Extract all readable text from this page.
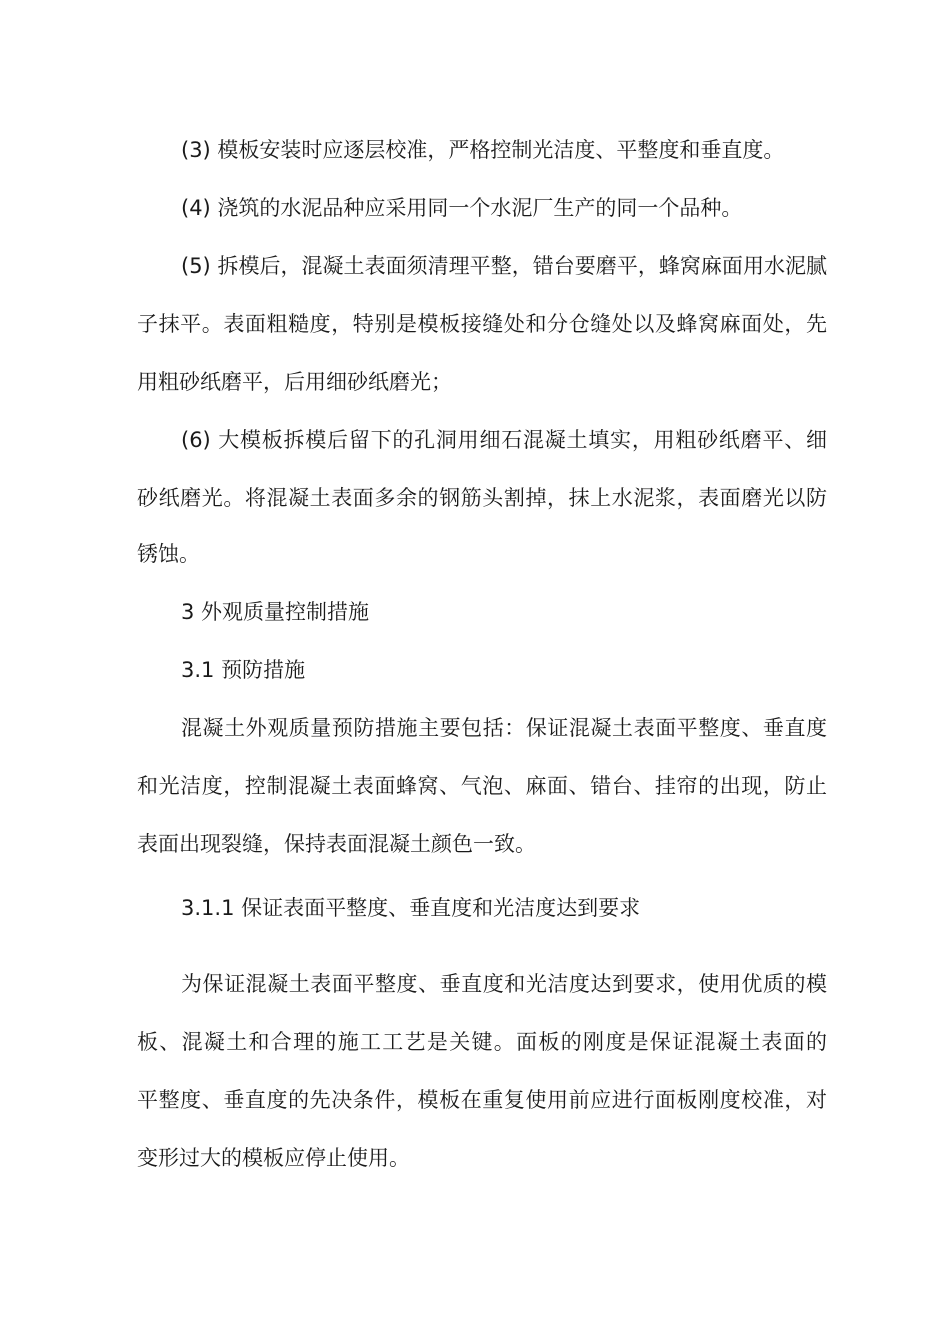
(3) 模板安装时应逐层校准，严格控制光洁度、平整度和垂直度。
(4) 浇筑的水泥品种应采用同一个水泥厂生产的同一个品种。
(5) 拆模后，混凝土表面须清理平整，错台要磨平，蜂窝麻面用水泥腻
子抹平。表面粗糙度，特别是模板接缝处和分仓缝处以及蜂窝麻面处，先
用粗砂纸磨平，后用细砂纸磨光；
(6) 大模板拆模后留下的孔洞用细石混凝土填实，用粗砂纸磨平、细
砂纸磨光。将混凝土表面多余的钢筋头割掉，抹上水泥浆，表面磨光以防
锈蚀。
3 外观质量控制措施
3.1 预防措施
混凝土外观质量预防措施主要包括：保证混凝土表面平整度、垂直度
和光洁度，控制混凝土表面蜂窝、气泡、麻面、错台、挂帘的出现，防止
表面出现裂缝，保持表面混凝土颜色一致。
3.1.1 保证表面平整度、垂直度和光洁度达到要求
为保证混凝土表面平整度、垂直度和光洁度达到要求，使用优质的模
板、混凝土和合理的施工工艺是关键。面板的刚度是保证混凝土表面的
平整度、垂直度的先决条件，模板在重复使用前应进行面板刚度校准，对
变形过大的模板应停止使用。
